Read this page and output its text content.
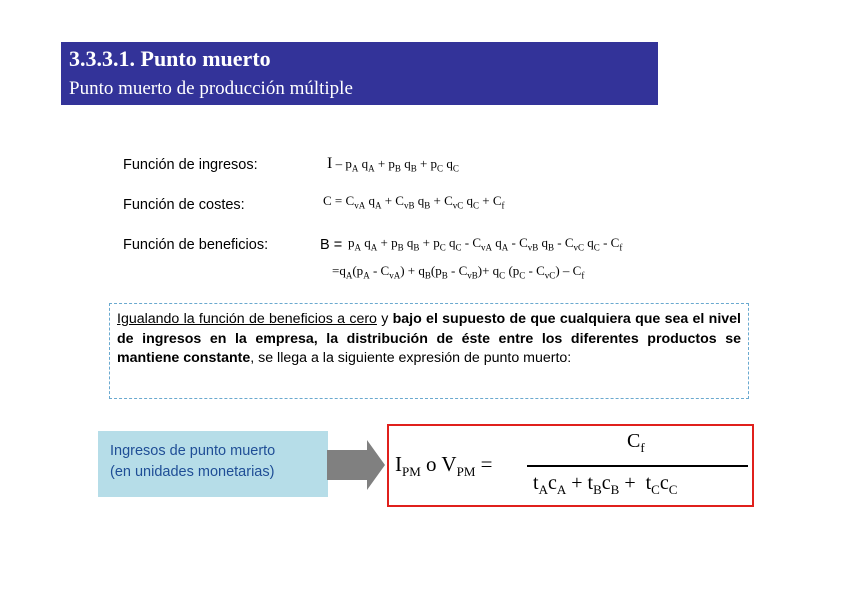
3.3.3.1. Punto muerto
Punto muerto de producción múltiple
Función de ingresos:	I – $p_A$ $q_A + p_B$ $q_B + p_C$ $q_C$
Función de costes:	$C = C_{vA}$ $q_A + C_{vB}$ $q_B + C_{vC}$ $q_C + C_f$
Función de beneficios:	$B = p_A$ $q_A + p_B$ $q_B + p_C$ $q_C - C_{vA}$ $q_A - C_{vB}$ $q_B - C_{vC}$ $q_C - C_f$
$=q_A(p_A - C_{vA}) + q_B(p_B - C_{vB})+ q_C$ $(p_C - C_{vC}) - C_f$
Igualando la función de beneficios a cero y bajo el supuesto de que cualquiera que sea el nivel de ingresos en la empresa, la distribución de éste entre los diferentes productos se mantiene constante, se llega a la siguiente expresión de punto muerto:
Ingresos de punto muerto
(en unidades monetarias)	$I_{PM}$ o $V_{PM}$ =
$C_f$
$t_Ac_A + t_Bc_B + t_Cc_C$
